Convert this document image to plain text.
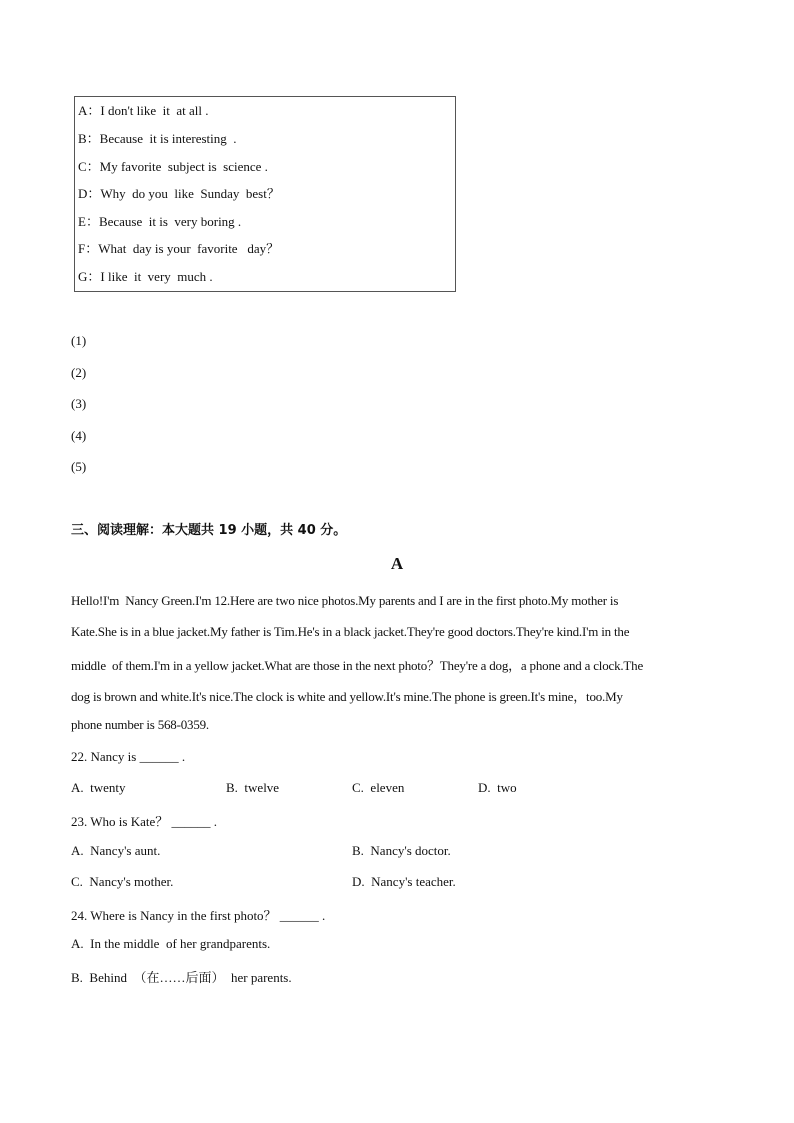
A：I don't like  it  at all .
B：Because  it is interesting  .
C：My favorite  subject is  science .
D：Why  do you  like  Sunday  best？
E：Because  it is  very boring .
F：What  day is your  favorite   day？
G：I like  it  very  much .
(1)
(2)
(3)
(4)
(5)
三、阅读理解：本大题共 19 小题，共 40 分。
A
Hello!I'm  Nancy Green.I'm 12.Here are two nice photos.My parents and I are in the first photo.My mother is
Kate.She is in a blue jacket.My father is Tim.He's in a black jacket.They're good doctors.They're kind.I'm in the
middle  of them.I'm in a yellow jacket.What are those in the next photo？They're a dog，a phone and a clock.The
dog is brown and white.It's nice.The clock is white and yellow.It's mine.The phone is green.It's mine，too.My
phone number is 568-0359.
22. Nancy is ______ .
A.  twenty	B.  twelve	C.  eleven	D.  two
23. Who is Kate？ ______ .
A.  Nancy's aunt.	B.  Nancy's doctor.
C.  Nancy's mother.	D.  Nancy's teacher.
24. Where is Nancy in the first photo？ ______ .
A.  In the middle  of her grandparents.
B.  Behind  （在……后面）  her parents.
